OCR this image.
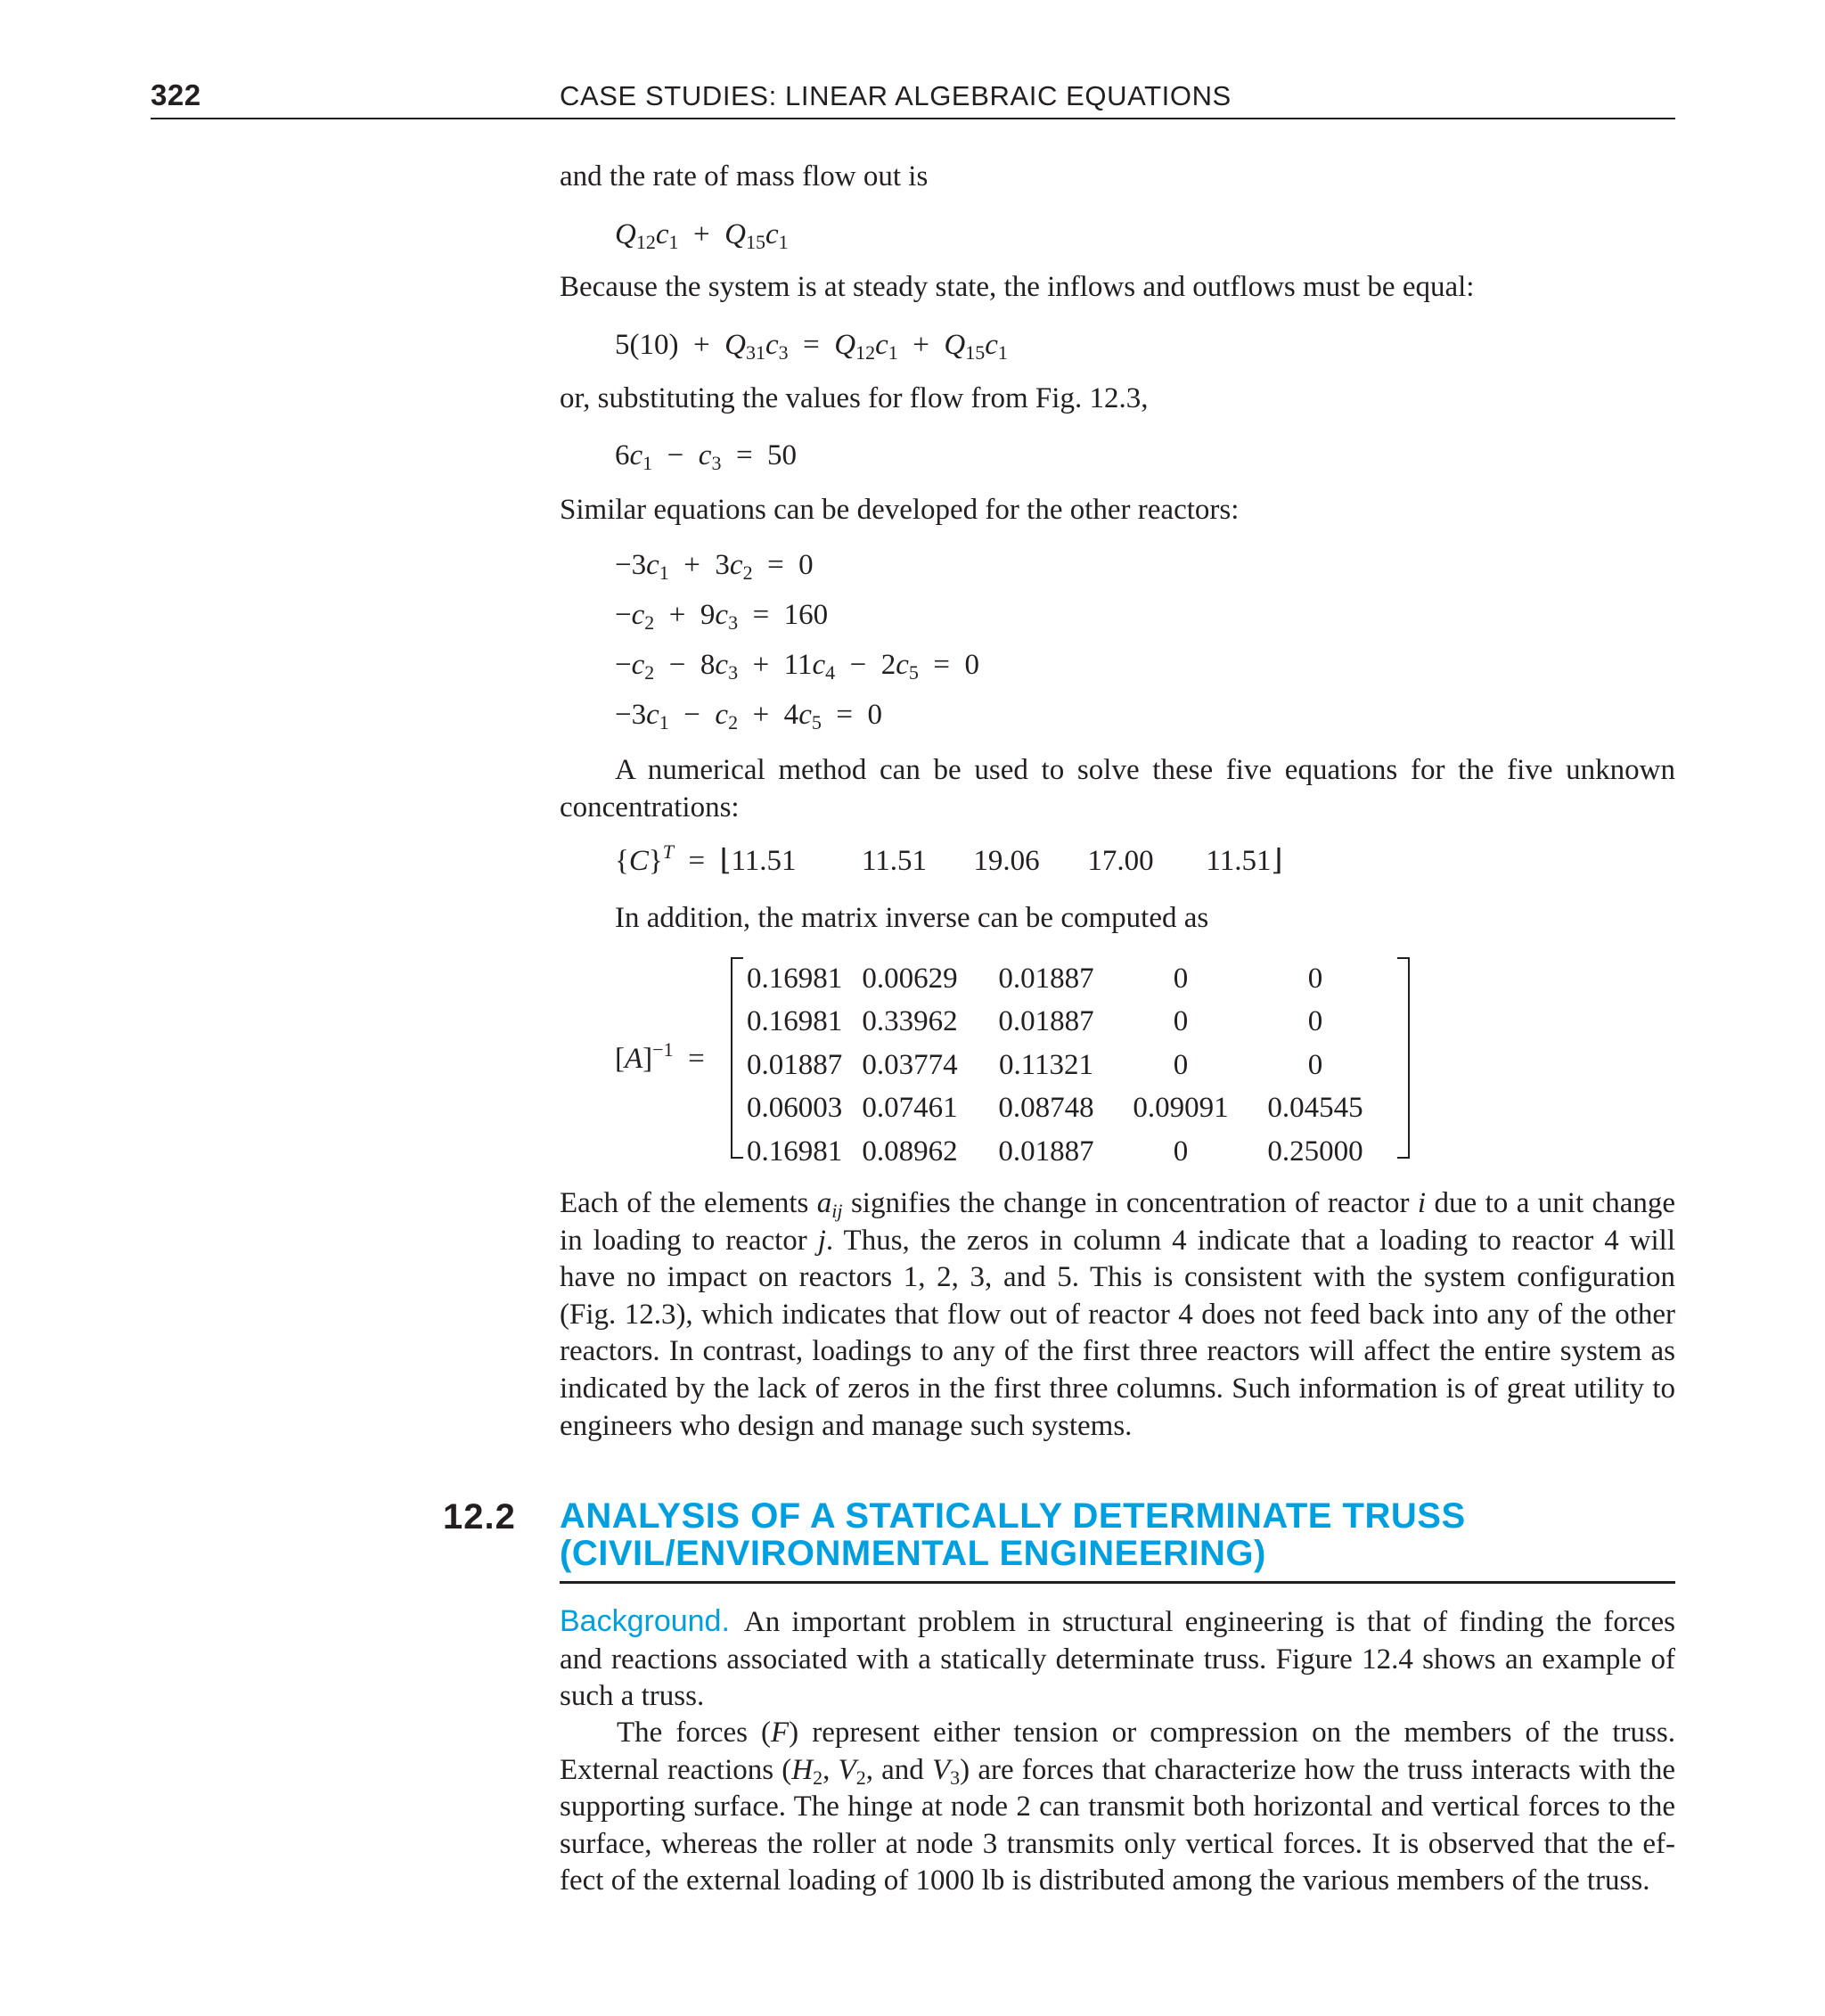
322	CASE STUDIES: LINEAR ALGEBRAIC EQUATIONS
and the rate of mass flow out is
$Q_{12}c_1 + Q_{15}c_1$
Because the system is at steady state, the inflows and outflows must be equal:
$5(10) + Q_{31}c_3 = Q_{12}c_1 + Q_{15}c_1$
or, substituting the values for flow from Fig. 12.3,
$6c_1 - c_3 = 50$
Similar equations can be developed for the other reactors:
$-3c_1 + 3c_2 = 0$
$-c_2 + 9c_3 = 160$
$-c_2 - 8c_3 + 11c_4 - 2c_5 = 0$
$-3c_1 - c_2 + 4c_5 = 0$
A numerical method can be used to solve these five equations for the five unknown
concentrations:
$\{C\}^T$  =  ⌊11.51 11.51 19.06 17.00 11.51⌋
In addition, the matrix inverse can be computed as
$[A]^{-1}$  =
0.16981	0.00629	0.01887	0	0
0.16981	0.33962	0.01887	0	0
0.01887	0.03774	0.11321	0	0
0.06003	0.07461	0.08748	0.09091	0.04545
0.16981	0.08962	0.01887	0	0.25000
Each of the elements $a_{ij}$ signifies the change in concentration of reactor i due to a unit change in loading to reactor j. Thus, the zeros in column 4 indicate that a loading to reactor 4 will have no impact on reactors 1, 2, 3, and 5. This is consistent with the system configuration (Fig. 12.3), which indicates that flow out of reactor 4 does not feed back into any of the other reactors. In contrast, loadings to any of the first three reactors will affect the entire system as indicated by the lack of zeros in the first three columns. Such information is of great utility to engineers who design and manage such systems.
12.2 ANALYSIS OF A STATICALLY DETERMINATE TRUSS
(CIVIL/ENVIRONMENTAL ENGINEERING)
Background. An important problem in structural engineering is that of finding the forces and reactions associated with a statically determinate truss. Figure 12.4 shows an example of such a truss.
The forces (F) represent either tension or compression on the members of the truss. External reactions ($H_2$, $V_2$, and $V_3$) are forces that characterize how the truss interacts with the supporting surface. The hinge at node 2 can transmit both horizontal and vertical forces to the surface, whereas the roller at node 3 transmits only vertical forces. It is observed that the ef-fect of the external loading of 1000 lb is distributed among the various members of the truss.
